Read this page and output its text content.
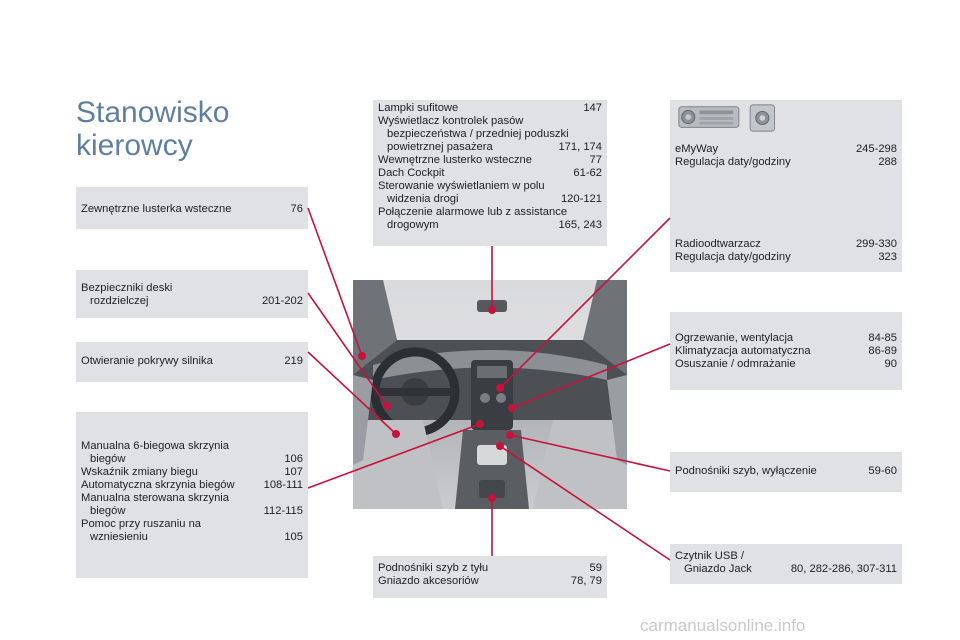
Stanowisko
kierowcy
Zewnętrzne lusterka wsteczne	76
Bezpieczniki deski
rozdzielczej	201-202
Otwieranie pokrywy silnika	219
Manualna 6-biegowa skrzynia
biegów	106
Wskaźnik zmiany biegu	107
Automatyczna skrzynia biegów	108-111
Manualna sterowana skrzynia
biegów	112-115
Pomoc przy ruszaniu na
wzniesieniu	105
Lampki sufitowe	147
Wyświetlacz kontrolek pasów
bezpieczeństwa / przedniej poduszki
powietrznej pasażera	171, 174
Wewnętrzne lusterko wsteczne	77
Dach Cockpit	61-62
Sterowanie wyświetlaniem w polu
widzenia drogi	120-121
Połączenie alarmowe lub z assistance
drogowym	165, 243
Podnośniki szyb z tyłu	59
Gniazdo akcesoriów	78, 79
eMyWay	245-298
Regulacja daty/godziny	288
Radioodtwarzacz	299-330
Regulacja daty/godziny	323
Ogrzewanie, wentylacja	84-85
Klimatyzacja automatyczna	86-89
Osuszanie / odmrażanie	90
Podnośniki szyb, wyłączenie	59-60
Czytnik USB /
Gniazdo Jack	80, 282-286, 307-311
carmanualsonline.info
